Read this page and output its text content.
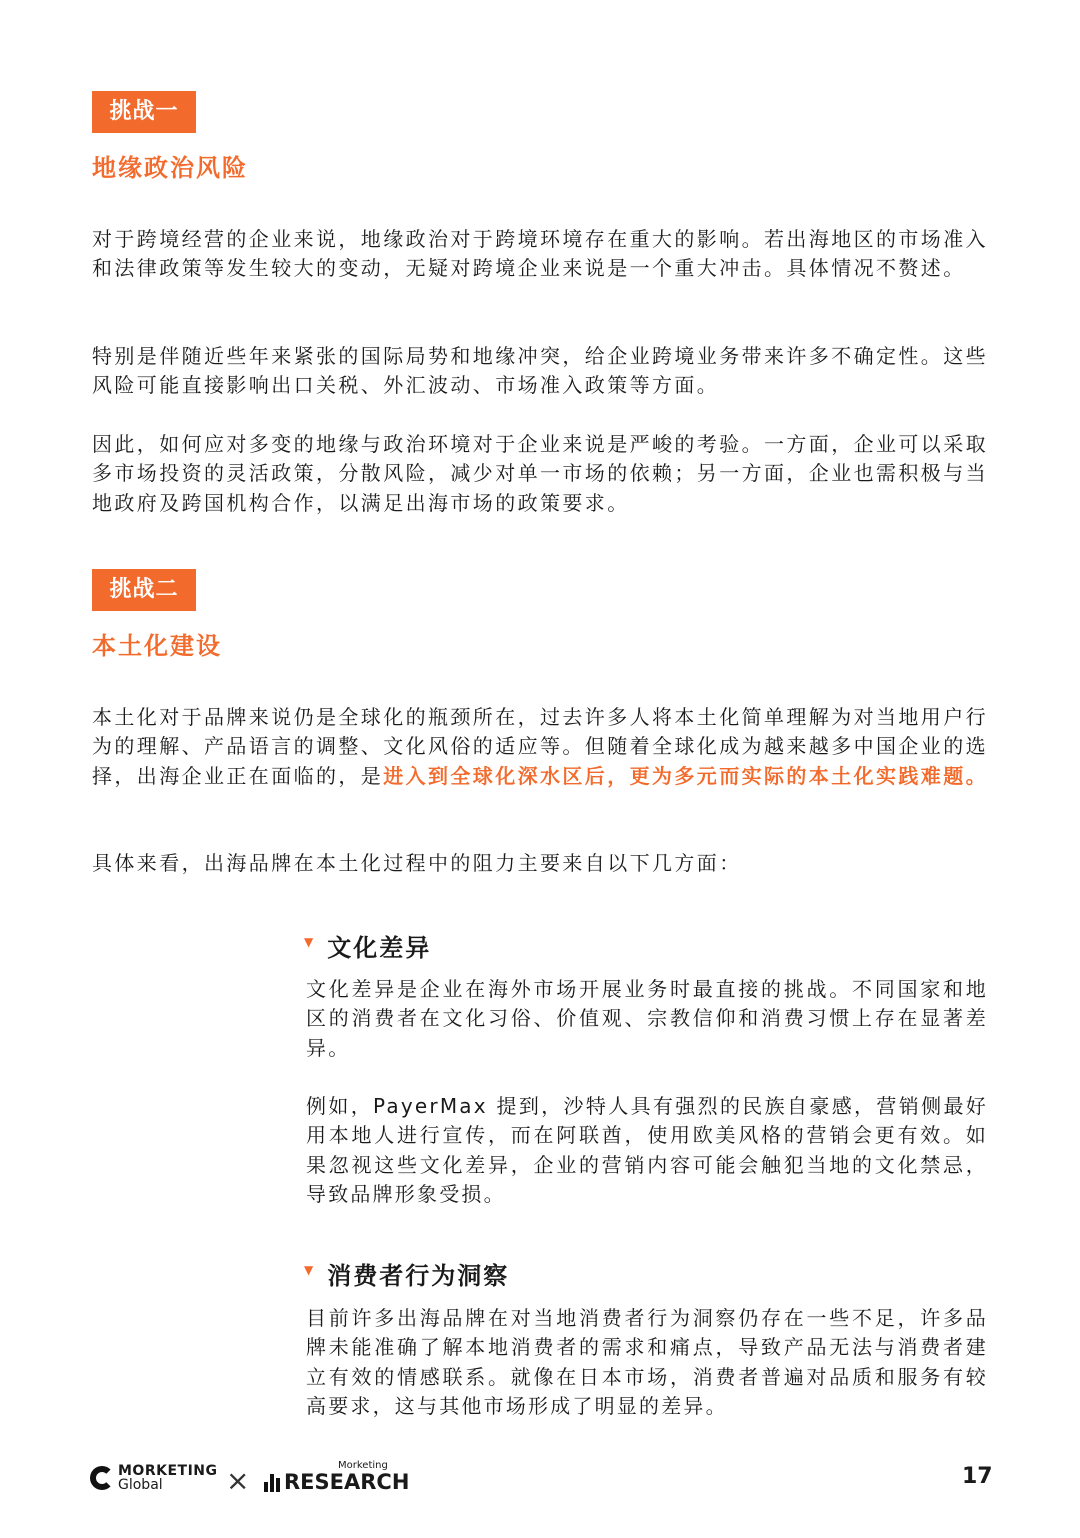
挑战一
地缘政治风险

对于跨境经营的企业来说，地缘政治对于跨境环境存在重大的影响。若出海地区的市场准入和法律政策等发生较大的变动，无疑对跨境企业来说是一个重大冲击。具体情况不赘述。

特别是伴随近些年来紧张的国际局势和地缘冲突，给企业跨境业务带来许多不确定性。这些风险可能直接影响出口关税、外汇波动、市场准入政策等方面。

因此，如何应对多变的地缘与政治环境对于企业来说是严峻的考验。一方面，企业可以采取多市场投资的灵活政策，分散风险，减少对单一市场的依赖；另一方面，企业也需积极与当地政府及跨国机构合作，以满足出海市场的政策要求。

挑战二
本土化建设

本土化对于品牌来说仍是全球化的瓶颈所在，过去许多人将本土化简单理解为对当地用户行为的理解、产品语言的调整、文化风俗的适应等。但随着全球化成为越来越多中国企业的选择，出海企业正在面临的，是进入到全球化深水区后，更为多元而实际的本土化实践难题。

具体来看，出海品牌在本土化过程中的阻力主要来自以下几方面：

▼ 文化差异

文化差异是企业在海外市场开展业务时最直接的挑战。不同国家和地区的消费者在文化习俗、价值观、宗教信仰和消费习惯上存在显著差异。

例如，PayerMax 提到，沙特人具有强烈的民族自豪感，营销侧最好用本地人进行宣传，而在阿联酋，使用欧美风格的营销会更有效。如果忽视这些文化差异，企业的营销内容可能会触犯当地的文化禁忌，导致品牌形象受损。

▼ 消费者行为洞察

目前许多出海品牌在对当地消费者行为洞察仍存在一些不足，许多品牌未能准确了解本地消费者的需求和痛点，导致产品无法与消费者建立有效的情感联系。就像在日本市场，消费者普遍对品质和服务有较高要求，这与其他市场形成了明显的差异。

MORKETING
Global	×	Morketing
RESEARCH	17
